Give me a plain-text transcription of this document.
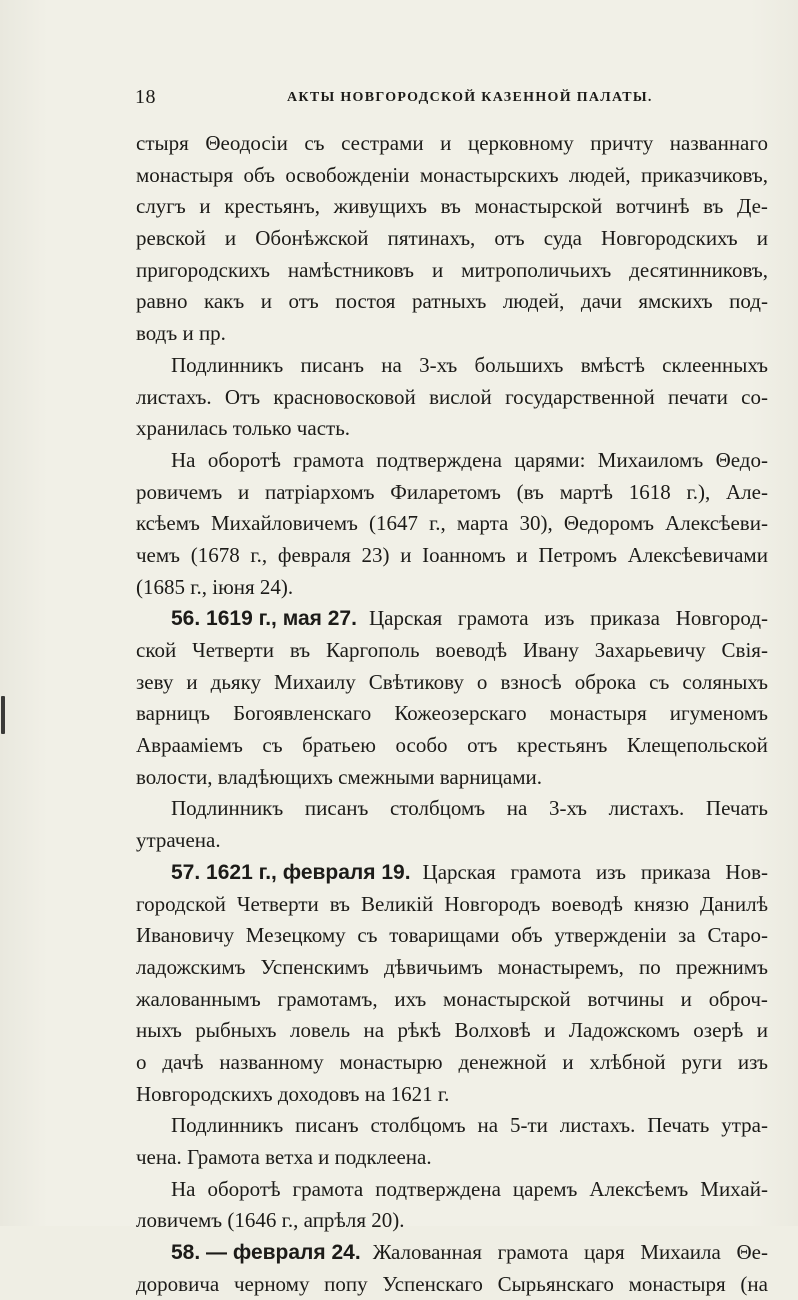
18	АКТЫ НОВГОРОДСКОЙ КАЗЕННОЙ ПАЛАТЫ.
стыря Θеодосіи съ сестрами и церковному причту названнаго
монастыря объ освобожденіи монастырскихъ людей, приказчиковъ,
слугъ и крестьянъ, живущихъ въ монастырской вотчинѣ въ Де-
ревской и Обонѣжской пятинахъ, отъ суда Новгородскихъ и
пригородскихъ намѣстниковъ и митрополичьихъ десятинниковъ,
равно какъ и отъ постоя ратныхъ людей, дачи ямскихъ под-
водъ и пр.
Подлинникъ писанъ на 3-хъ большихъ вмѣстѣ склеенныхъ
листахъ. Отъ красновосковой вислой государственной печати со-
хранилась только часть.
На оборотѣ грамота подтверждена царями: Михаиломъ Θедо-
ровичемъ и патріархомъ Филаретомъ (въ мартѣ 1618 г.), Але-
ксѣемъ Михайловичемъ (1647 г., марта 30), Θедоромъ Алексѣеви-
чемъ (1678 г., февраля 23) и Іоанномъ и Петромъ Алексѣевичами
(1685 г., іюня 24).
56. 1619 г., мая 27. Царская грамота изъ приказа Новгород-
ской Четверти въ Каргополь воеводѣ Ивану Захарьевичу Свія-
зеву и дьяку Михаилу Свѣтикову о взносѣ оброка съ соляныхъ
варницъ Богоявленскаго Кожеозерскаго монастыря игуменомъ
Авраамiемъ съ братьею особо отъ крестьянъ Клещепольской
волости, владѣющихъ смежными варницами.
Подлинникъ писанъ столбцомъ на 3-хъ листахъ. Печать
утрачена.
57. 1621 г., февраля 19. Царская грамота изъ приказа Нов-
городской Четверти въ Великiй Новгородъ воеводѣ князю Данилѣ
Ивановичу Мезецкому съ товарищами объ утвержденіи за Старо-
ладожскимъ Успенскимъ дѣвичьимъ монастыремъ, по прежнимъ
жалованнымъ грамотамъ, ихъ монастырской вотчины и оброч-
ныхъ рыбныхъ ловель на рѣкѣ Волховѣ и Ладожскомъ озерѣ и
о дачѣ названному монастырю денежной и хлѣбной руги изъ
Новгородскихъ доходовъ на 1621 г.
Подлинникъ писанъ столбцомъ на 5-ти листахъ. Печать утра-
чена. Грамота ветха и подклеена.
На оборотѣ грамота подтверждена царемъ Алексѣемъ Михай-
ловичемъ (1646 г., апрѣля 20).
58. — февраля 24. Жалованная грамота царя Михаила Θе-
доровича черному попу Успенскаго Сырьянскаго монастыря (на
